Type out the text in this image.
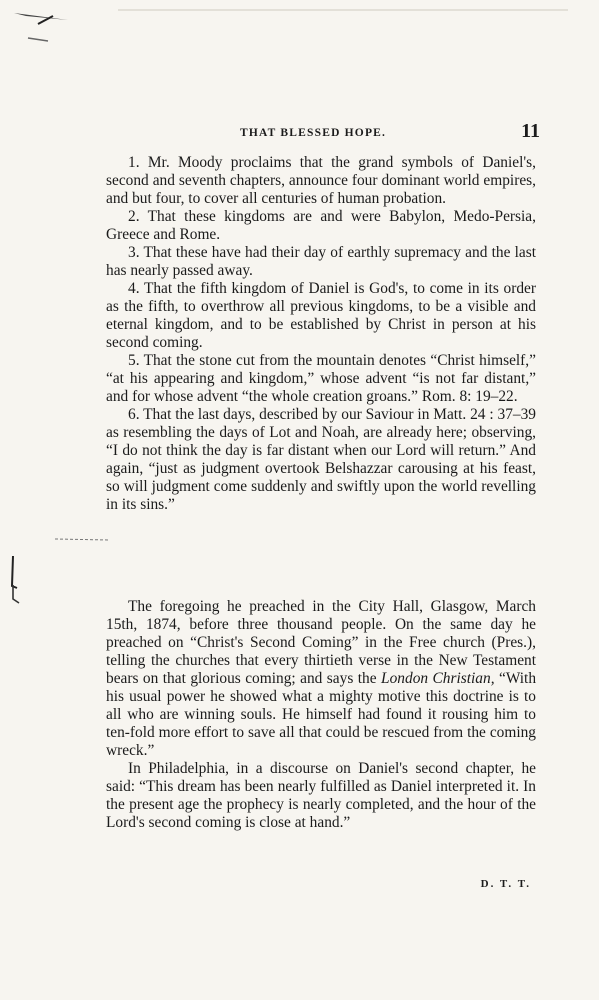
THAT BLESSED HOPE.	11

1. Mr. Moody proclaims that the grand symbols of Daniel's, second and seventh chapters, announce four dominant world empires, and but four, to cover all centuries of human probation.

2. That these kingdoms are and were Babylon, Medo-Persia, Greece and Rome.

3. That these have had their day of earthly supremacy and the last has nearly passed away.

4. That the fifth kingdom of Daniel is God's, to come in its order as the fifth, to overthrow all previous kingdoms, to be a visible and eternal kingdom, and to be established by Christ in person at his second coming.

5. That the stone cut from the mountain denotes “Christ himself,” “at his appearing and kingdom,” whose advent “is not far distant,” and for whose advent “the whole creation groans.” Rom. 8: 19–22.

6. That the last days, described by our Saviour in Matt. 24 : 37–39 as resembling the days of Lot and Noah, are already here; observing, “I do not think the day is far distant when our Lord will return.” And again, “just as judgment overtook Belshazzar carousing at his feast, so will judgment come suddenly and swiftly upon the world revelling in its sins.”

The foregoing he preached in the City Hall, Glasgow, March 15th, 1874, before three thousand people. On the same day he preached on “Christ's Second Coming” in the Free church (Pres.), telling the churches that every thirtieth verse in the New Testament bears on that glorious coming; and says the London Christian, “With his usual power he showed what a mighty motive this doctrine is to all who are winning souls. He himself had found it rousing him to ten-fold more effort to save all that could be rescued from the coming wreck.”

In Philadelphia, in a discourse on Daniel's second chapter, he said: “This dream has been nearly fulfilled as Daniel interpreted it. In the present age the prophecy is nearly completed, and the hour of the Lord's second coming is close at hand.”

D. T. T.
